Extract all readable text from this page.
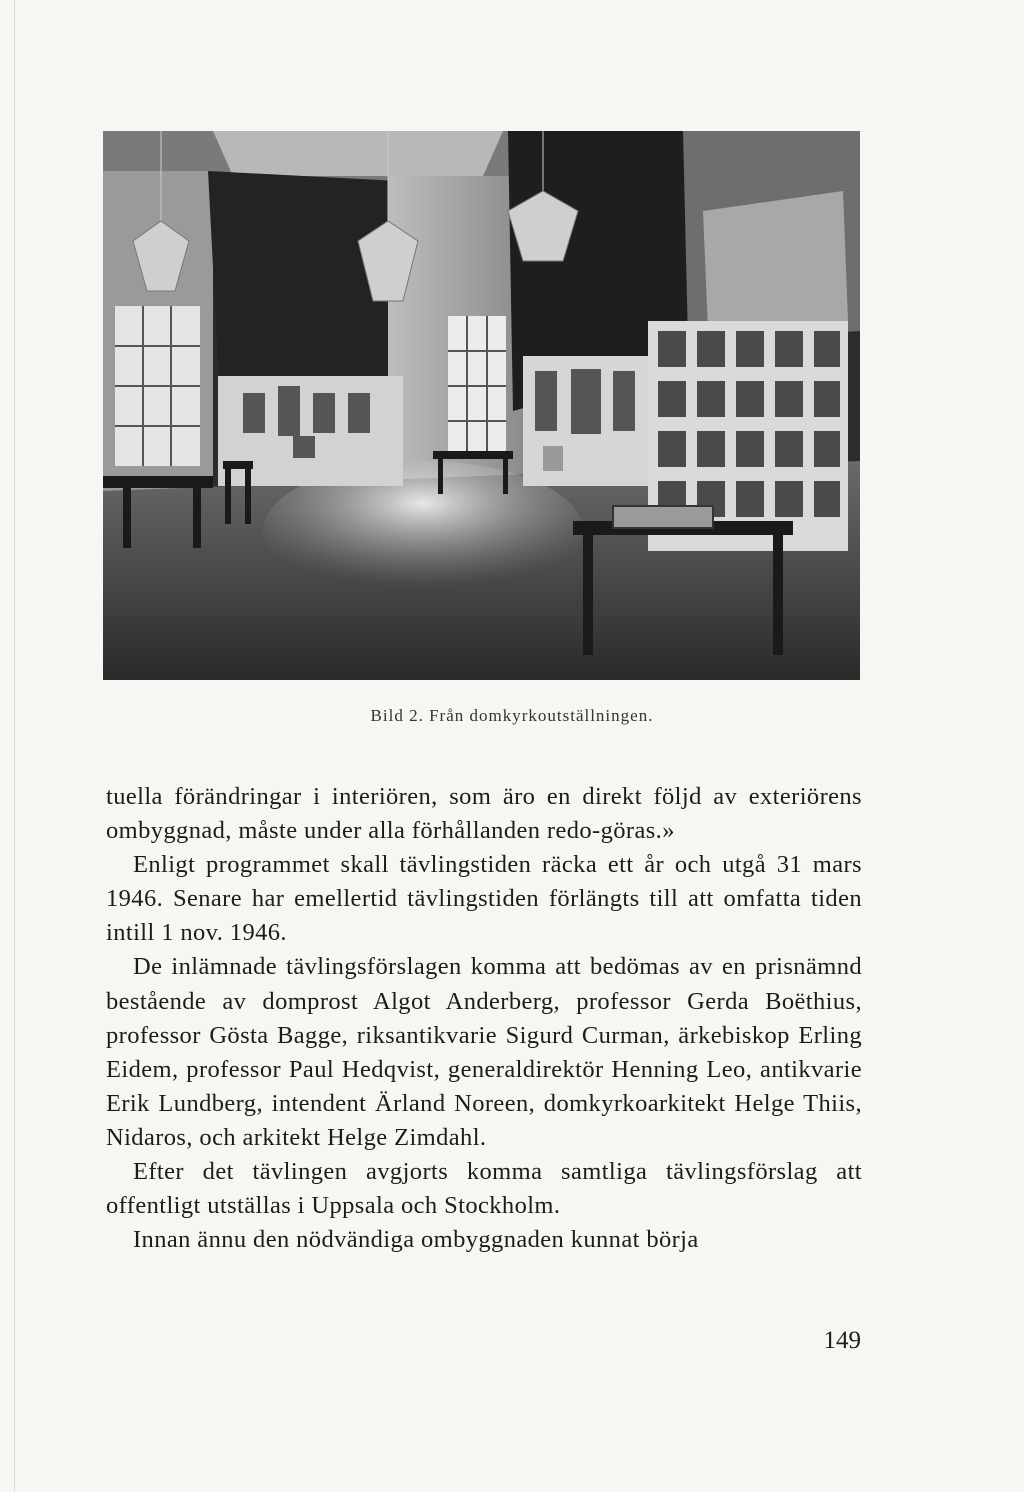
Bild 2. Från domkyrkoutställningen.

tuella förändringar i interiören, som äro en direkt följd av exteriörens ombyggnad, måste under alla förhållanden redo-göras.»

Enligt programmet skall tävlingstiden räcka ett år och utgå 31 mars 1946. Senare har emellertid tävlingstiden förlängts till att omfatta tiden intill 1 nov. 1946.

De inlämnade tävlingsförslagen komma att bedömas av en prisnämnd bestående av domprost Algot Anderberg, professor Gerda Boëthius, professor Gösta Bagge, riksantikvarie Sigurd Curman, ärkebiskop Erling Eidem, professor Paul Hedqvist, generaldirektör Henning Leo, antikvarie Erik Lundberg, intendent Ärland Noreen, domkyrkoarkitekt Helge Thiis, Nidaros, och arkitekt Helge Zimdahl.

Efter det tävlingen avgjorts komma samtliga tävlingsförslag att offentligt utställas i Uppsala och Stockholm.

Innan ännu den nödvändiga ombyggnaden kunnat börja

149
